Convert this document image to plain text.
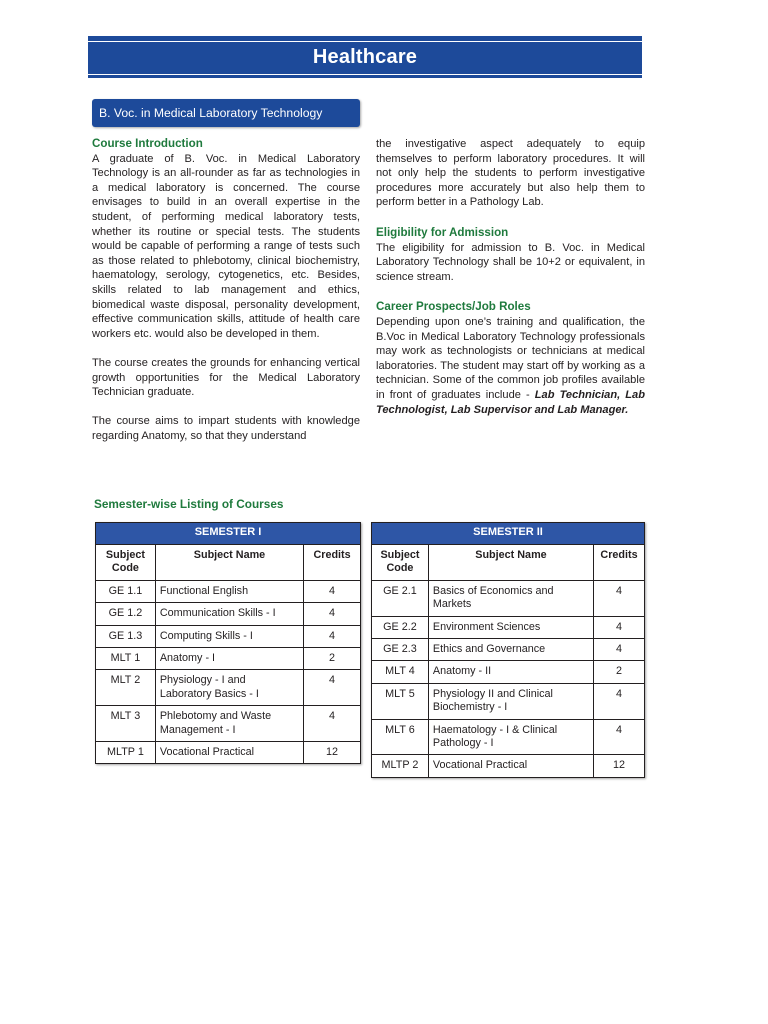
Healthcare
B. Voc. in Medical Laboratory Technology

Course Introduction

A graduate of B. Voc. in Medical Laboratory Technology is an all-rounder as far as technologies in a medical laboratory is concerned. The course envisages to build in an overall expertise in the student, of performing medical laboratory tests, whether its routine or special tests. The students would be capable of performing a range of tests such as those related to phlebotomy, clinical biochemistry, haematology, serology, cytogenetics, etc. Besides, skills related to lab management and ethics, biomedical waste disposal, personality development, effective communication skills, attitude of health care workers etc. would also be developed in them.

The course creates the grounds for enhancing vertical growth opportunities for the Medical Laboratory Technician graduate.

The course aims to impart students with knowledge regarding Anatomy, so that they understand

the investigative aspect adequately to equip themselves to perform laboratory procedures. It will not only help the students to perform investigative procedures more accurately but also help them to perform better in a Pathology Lab.

Eligibility for Admission

The eligibility for admission to B. Voc. in Medical Laboratory Technology shall be 10+2 or equivalent, in science stream.

Career Prospects/Job Roles

Depending upon one’s training and qualification, the B.Voc in Medical Laboratory Technology professionals may work as technologists or technicians at medical laboratories. The student may start off by working as a technician. Some of the common job profiles available in front of graduates include - Lab Technician, Lab Technologist, Lab Supervisor and Lab Manager.

Semester-wise Listing of Courses
SEMESTER I		
Subject Code	Subject Name	Credits
GE 1.1	Functional English	4
GE 1.2	Communication Skills - I	4
GE 1.3	Computing Skills - I	4
MLT 1	Anatomy - I	2
MLT 2	Physiology - I and Laboratory Basics - I	4
MLT 3	Phlebotomy and Waste Management - I	4
MLTP 1	Vocational Practical	12
SEMESTER II		
Subject Code	Subject Name	Credits
GE 2.1	Basics of Economics and Markets	4
GE 2.2	Environment Sciences	4
GE 2.3	Ethics and Governance	4
MLT 4	Anatomy - II	2
MLT 5	Physiology II and Clinical Biochemistry - I	4
MLT 6	Haematology - I & Clinical Pathology - I	4
MLTP 2	Vocational Practical	12
